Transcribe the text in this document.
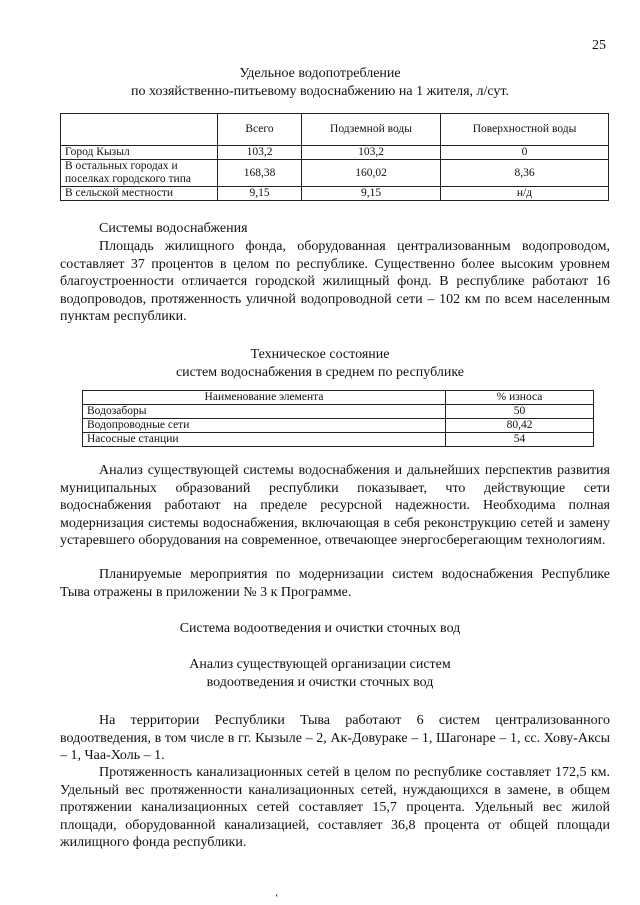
25
Удельное водопотребление
по хозяйственно-питьевому водоснабжению на 1 жителя, л/сут.
	Всего	Подземной воды	Поверхностной воды
Город Кызыл	103,2	103,2	0
В остальных городах и поселках городского типа	168,38	160,02	8,36
В сельской местности	9,15	9,15	н/д
Системы водоснабжения
Площадь жилищного фонда, оборудованная централизованным водопроводом, составляет 37 процентов в целом по республике. Существенно более высоким уровнем благоустроенности отличается городской жилищный фонд. В республике работают 16 водопроводов, протяженность уличной водопроводной сети – 102 км по всем населенным пунктам республики.
Техническое состояние
систем водоснабжения в среднем по республике
Наименование элемента	% износа
Водозаборы	50
Водопроводные сети	80,42
Насосные станции	54
Анализ существующей системы водоснабжения и дальнейших перспектив развития муниципальных образований республики показывает, что действующие сети водоснабжения работают на пределе ресурсной надежности. Необходима полная модернизация системы водоснабжения, включающая в себя реконструкцию сетей и замену устаревшего оборудования на современное, отвечающее энергосберегающим технологиям.
Планируемые мероприятия по модернизации систем водоснабжения Республике Тыва отражены в приложении № 3 к Программе.
Система водоотведения и очистки сточных вод
Анализ существующей организации систем
водоотведения и очистки сточных вод
На территории Республики Тыва работают 6 систем централизованного водоотведения, в том числе в гг. Кызыле – 2, Ак-Довураке – 1, Шагонаре – 1, сс. Хову-Аксы – 1, Чаа-Холь – 1.
Протяженность канализационных сетей в целом по республике составляет 172,5 км. Удельный вес протяженности канализационных сетей, нуждающихся в замене, в общем протяжении канализационных сетей составляет 15,7 процента. Удельный вес жилой площади, оборудованной канализацией, составляет 36,8 процента от общей площади жилищного фонда республики.
‘
